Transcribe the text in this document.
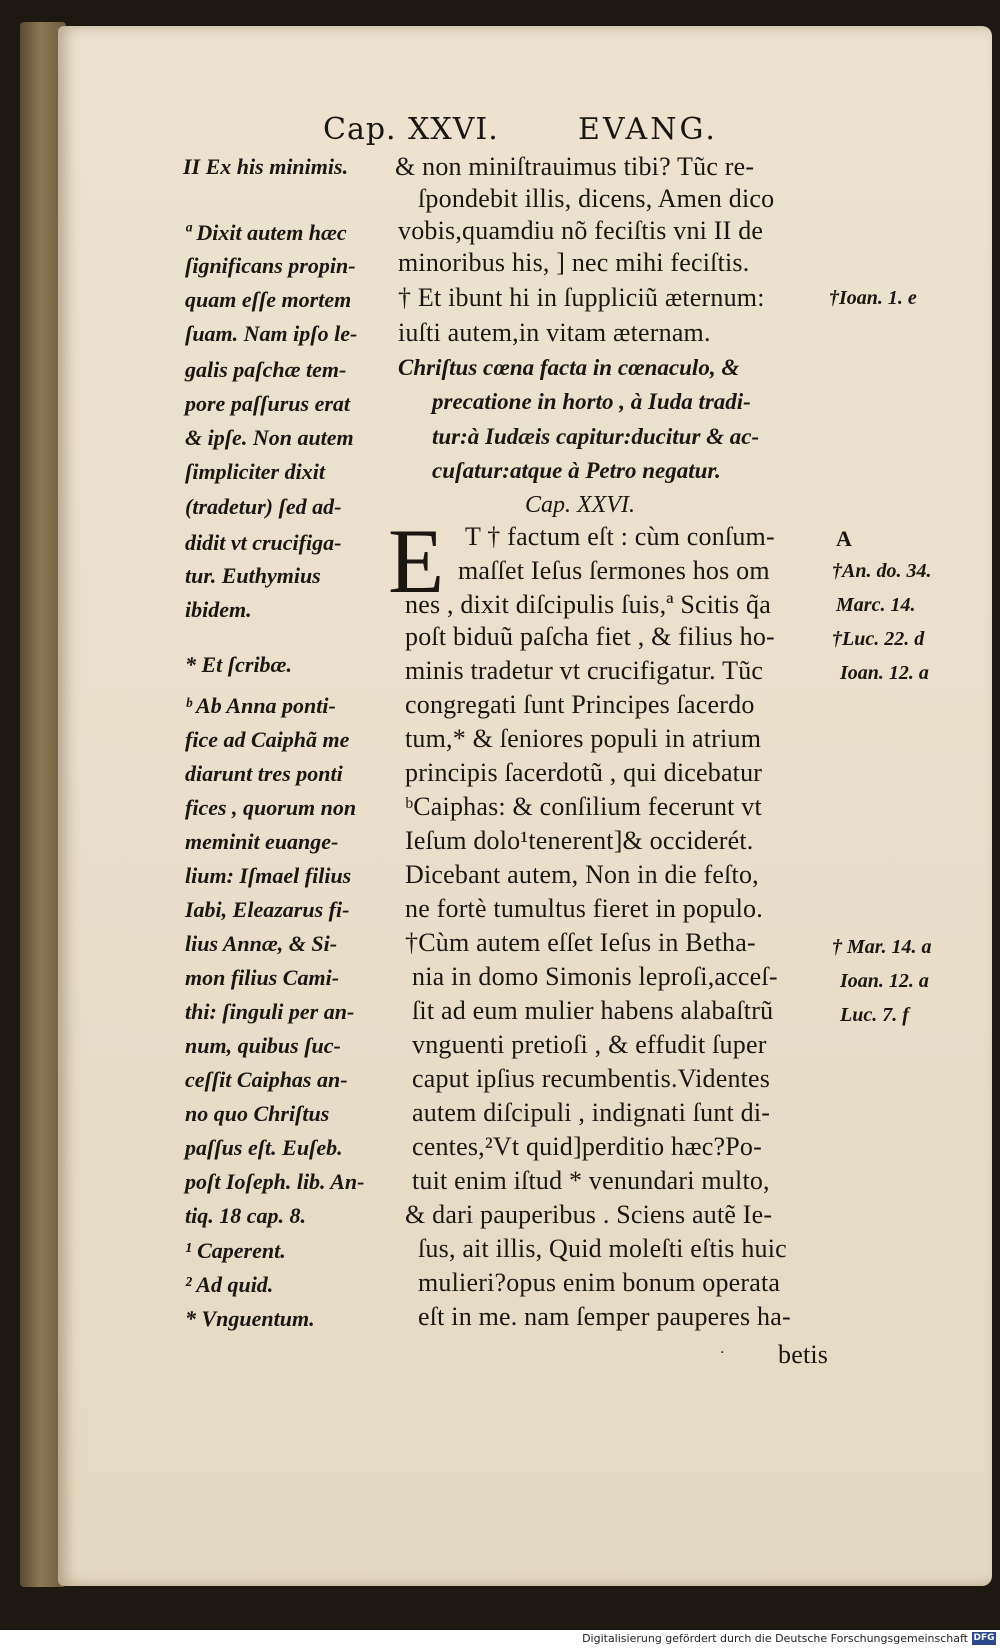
Cap. XXVI.	EVANG.
& non miniſtrauimus tibi? Tũc re-
ſpondebit illis, dicens, Amen dico
vobis,quamdiu nõ feciſtis vni II de
minoribus his, ] nec mihi feciſtis.
† Et ibunt hi in ſuppliciũ æternum:
iuſti autem,in vitam æternam.
Chriſtus cœna facta in cœnaculo, &
precatione in horto , à Iuda tradi-
tur:à Iudæis capitur:ducitur & ac-
cuſatur:atque à Petro negatur.
Cap. XXVI.
E T † factum eſt : cùm conſum-
maſſet Ieſus ſermones hos om
nes , dixit diſcipulis ſuis,ª Scitis q̃a
poſt biduũ paſcha fiet , & filius ho-
minis tradetur vt crucifigatur. Tũc
congregati ſunt Principes ſacerdo
tum,* & ſeniores populi in atrium
principis ſacerdotũ , qui dicebatur
ᵇCaiphas: & conſilium fecerunt vt
Ieſum dolo¹tenerent]& occiderét.
Dicebant autem, Non in die feſto,
ne fortè tumultus fieret in populo.
†Cùm autem eſſet Ieſus in Betha-
nia in domo Simonis leproſi,acceſ-
ſit ad eum mulier habens alabaſtrũ
vnguenti pretioſi , & effudit ſuper
caput ipſius recumbentis.Videntes
autem diſcipuli , indignati ſunt di-
centes,²Vt quid]perditio hæc?Po-
tuit enim iſtud * venundari multo,
& dari pauperibus . Sciens autẽ Ie-
ſus, ait illis, Quid moleſti eſtis huic
mulieri?opus enim bonum operata
eſt in me. nam ſemper pauperes ha-
betis
·
II Ex his minimis.
ª Dixit autem hæc
ſignificans propin-
quam eſſe mortem
ſuam. Nam ipſo le-
galis paſchæ tem-
pore paſſurus erat
& ipſe. Non autem
ſimpliciter dixit
(tradetur) ſed ad-
didit vt crucifiga-
tur. Euthymius
ibidem.
* Et ſcribæ.
ᵇ Ab Anna ponti-
fice ad Caiphã me
diarunt tres ponti
fices , quorum non
meminit euange-
lium: Iſmael filius
Iabi, Eleazarus fi-
lius Annæ, & Si-
mon filius Cami-
thi: ſinguli per an-
num, quibus ſuc-
ceſſit Caiphas an-
no quo Chriſtus
paſſus eſt. Euſeb.
poſt Ioſeph. lib. An-
tiq. 18 cap. 8.
¹ Caperent.
² Ad quid.
* Vnguentum.
†Ioan. 1. e
A
†An. do. 34.
Marc. 14.
†Luc. 22. d
Ioan. 12. a
† Mar. 14. a
Ioan. 12. a
Luc. 7. f
Digitalisierung gefördert durch die Deutsche Forschungsgemeinschaft DFG
